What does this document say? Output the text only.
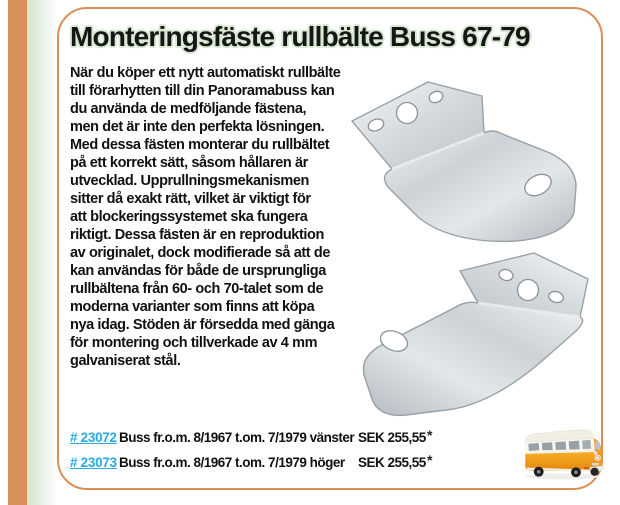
Monteringsfäste rullbälte Buss 67-79
När du köper ett nytt automatiskt rullbälte
till förarhytten till din Panoramabuss kan
du använda de medföljande fästena,
men det är inte den perfekta lösningen.
Med dessa fästen monterar du rullbältet
på ett korrekt sätt, såsom hållaren är
utvecklad. Upprullningsmekanismen
sitter då exakt rätt, vilket är viktigt för
att blockeringssystemet ska fungera
riktigt. Dessa fästen är en reproduktion
av originalet, dock modifierade så att de
kan användas för både de ursprungliga
rullbältena från 60- och 70-talet som de
moderna varianter som finns att köpa
nya idag. Stöden är försedda med gänga
för montering och tillverkade av 4 mm
galvaniserat stål.
# 23072 Buss fr.o.m. 8/1967 t.om. 7/1979 vänster SEK 255,55 *
# 23073 Buss fr.o.m. 8/1967 t.om. 7/1979 höger SEK 255,55 *
